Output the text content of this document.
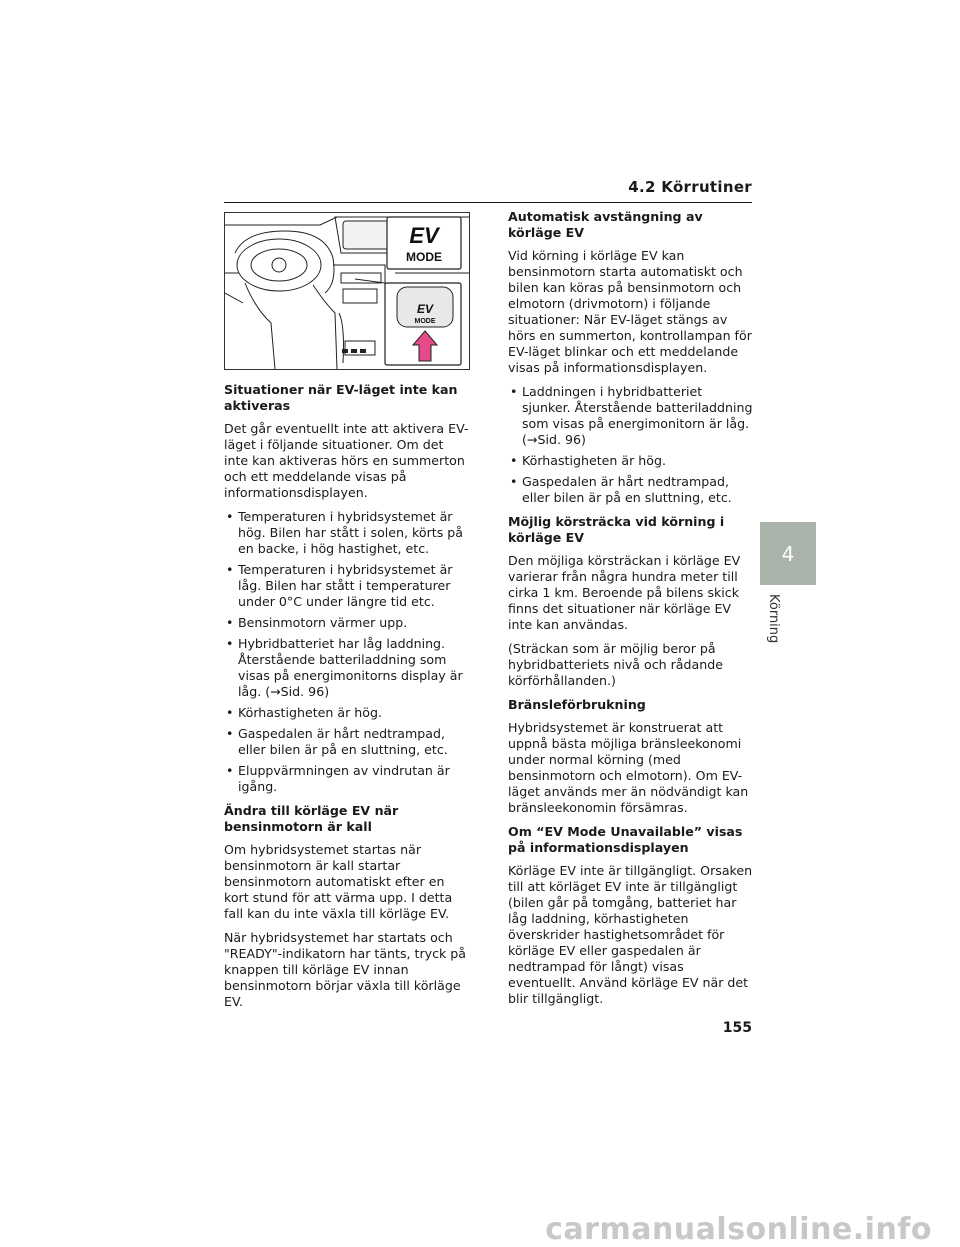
4.2 Körrutiner
EV
MODE
EV
MODE
Situationer när EV-läget inte kan aktiveras

Det går eventuellt inte att aktivera EV-läget i följande situationer. Om det inte kan aktiveras hörs en summerton och ett meddelande visas på informationsdisplayen.

• Temperaturen i hybridsystemet är hög. Bilen har stått i solen, körts på en backe, i hög hastighet, etc.
• Temperaturen i hybridsystemet är låg. Bilen har stått i temperaturer under 0°C under längre tid etc.
• Bensinmotorn värmer upp.
• Hybridbatteriet har låg laddning. Återstående batteriladdning som visas på energimonitorns display är låg. (→Sid. 96)
• Körhastigheten är hög.
• Gaspedalen är hårt nedtrampad, eller bilen är på en sluttning, etc.
• Eluppvärmningen av vindrutan är igång.
Ändra till körläge EV när bensinmotorn är kall

Om hybridsystemet startas när bensinmotorn är kall startar bensinmotorn automatiskt efter en kort stund för att värma upp. I detta fall kan du inte växla till körläge EV.

När hybridsystemet har startats och "READY"-indikatorn har tänts, tryck på knappen till körläge EV innan bensinmotorn börjar växla till körläge EV.

Automatisk avstängning av körläge EV

Vid körning i körläge EV kan bensinmotorn starta automatiskt och bilen kan köras på bensinmotorn och elmotorn (drivmotorn) i följande situationer: När EV-läget stängs av hörs en summerton, kontrollampan för EV-läget blinkar och ett meddelande visas på informationsdisplayen.

• Laddningen i hybridbatteriet sjunker. Återstående batteriladdning som visas på energimonitorn är låg. (→Sid. 96)
• Körhastigheten är hög.
• Gaspedalen är hårt nedtrampad, eller bilen är på en sluttning, etc.
Möjlig körsträcka vid körning i körläge EV

Den möjliga körsträckan i körläge EV varierar från några hundra meter till cirka 1 km. Beroende på bilens skick finns det situationer när körläge EV inte kan användas.

(Sträckan som är möjlig beror på hybridbatteriets nivå och rådande körförhållanden.)

Bränsleförbrukning

Hybridsystemet är konstruerat att uppnå bästa möjliga bränsleekonomi under normal körning (med bensinmotorn och elmotorn). Om EV-läget används mer än nödvändigt kan bränsleekonomin försämras.

Om “EV Mode Unavailable” visas på informationsdisplayen

Körläge EV inte är tillgängligt. Orsaken till att körläget EV inte är tillgängligt (bilen går på tomgång, batteriet har låg laddning, körhastigheten överskrider hastighetsområdet för körläge EV eller gaspedalen är nedtrampad för långt) visas eventuellt. Använd körläge EV när det blir tillgängligt.

4
Körning
155
carmanualsonline.info
